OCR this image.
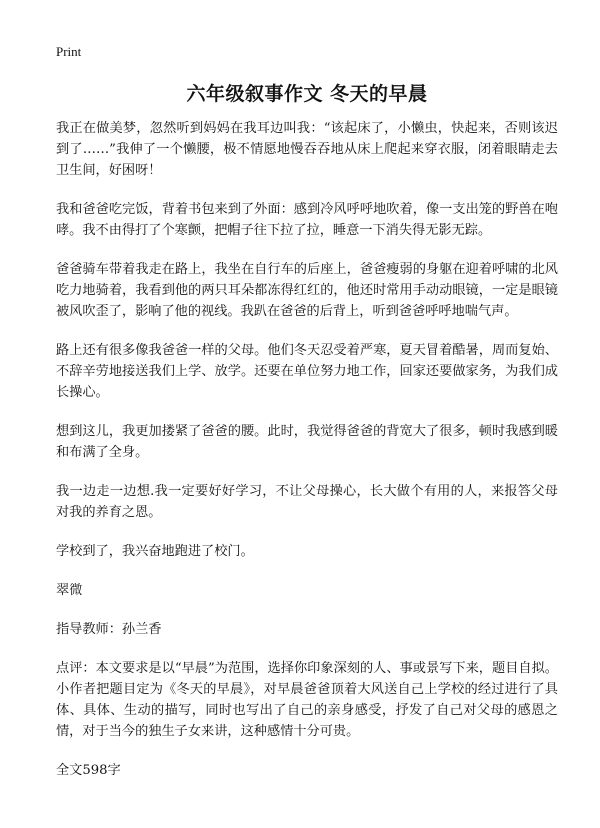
Print

六年级叙事作文 冬天的早晨

我正在做美梦，忽然听到妈妈在我耳边叫我：“该起床了，小懒虫，快起来，否则该迟到了……”我伸了一个懒腰，极不情愿地慢吞吞地从床上爬起来穿衣服，闭着眼睛走去卫生间，好困呀！

我和爸爸吃完饭，背着书包来到了外面：感到冷风呼呼地吹着，像一支出笼的野兽在咆哮。我不由得打了个寒颤，把帽子往下拉了拉，睡意一下消失得无影无踪。

爸爸骑车带着我走在路上，我坐在自行车的后座上，爸爸瘦弱的身躯在迎着呼啸的北风吃力地骑着，我看到他的两只耳朵都冻得红红的，他还时常用手动动眼镜，一定是眼镜被风吹歪了，影响了他的视线。我趴在爸爸的后背上，听到爸爸呼呼地喘气声。

路上还有很多像我爸爸一样的父母。他们冬天忍受着严寒，夏天冒着酷暑，周而复始、不辞辛劳地接送我们上学、放学。还要在单位努力地工作，回家还要做家务，为我们成长操心。

想到这儿，我更加搂紧了爸爸的腰。此时，我觉得爸爸的背宽大了很多，顿时我感到暖和布满了全身。

我一边走一边想.我一定要好好学习，不让父母操心，长大做个有用的人，来报答父母对我的养育之恩。

学校到了，我兴奋地跑进了校门。

翠微

指导教师：孙兰香

点评：本文要求是以“早晨”为范围，选择你印象深刻的人、事或景写下来，题目自拟。小作者把题目定为《冬天的早晨》，对早晨爸爸顶着大风送自己上学校的经过进行了具体、具体、生动的描写，同时也写出了自己的亲身感受，抒发了自己对父母的感恩之情，对于当今的独生子女来讲，这种感情十分可贵。

全文598字
